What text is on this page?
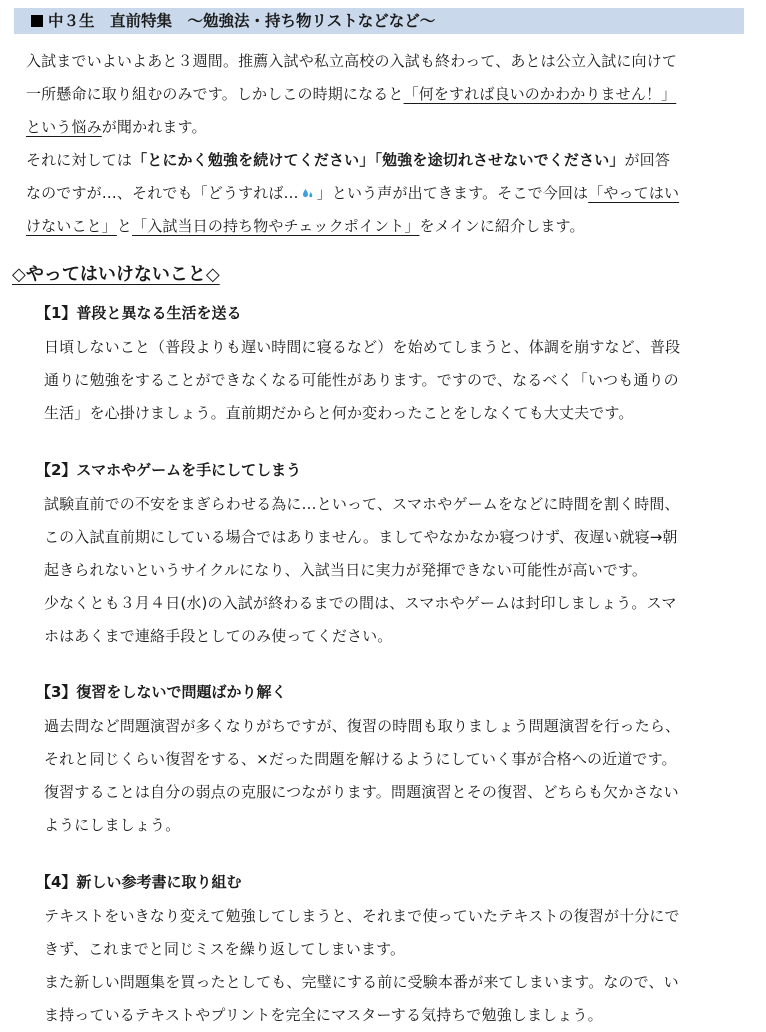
中３生　直前特集　～勉強法・持ち物リストなどなど～
入試までいよいよあと３週間。推薦入試や私立高校の入試も終わって、あとは公立入試に向けて
一所懸命に取り組むのみです。しかしこの時期になると「何をすれば良いのかわかりません！」
という悩みが聞かれます。
それに対しては「とにかく勉強を続けてください」「勉強を途切れさせないでください」が回答
なのですが…、それでも「どうすれば… 」という声が出てきます。そこで今回は「やってはい
けないこと」と「入試当日の持ち物やチェックポイント」をメインに紹介します。
◇やってはいけないこと◇
【1】普段と異なる生活を送る
日頃しないこと（普段よりも遅い時間に寝るなど）を始めてしまうと、体調を崩すなど、普段
通りに勉強をすることができなくなる可能性があります。ですので、なるべく「いつも通りの
生活」を心掛けましょう。直前期だからと何か変わったことをしなくても大丈夫です。
【2】スマホやゲームを手にしてしまう
試験直前での不安をまぎらわせる為に…といって、スマホやゲームをなどに時間を割く時間、
この入試直前期にしている場合ではありません。ましてやなかなか寝つけず、夜遅い就寝→朝
起きられないというサイクルになり、入試当日に実力が発揮できない可能性が高いです。
少なくとも３月４日(水)の入試が終わるまでの間は、スマホやゲームは封印しましょう。スマ
ホはあくまで連絡手段としてのみ使ってください。
【3】復習をしないで問題ばかり解く
過去問など問題演習が多くなりがちですが、復習の時間も取りましょう問題演習を行ったら、
それと同じくらい復習をする、×だった問題を解けるようにしていく事が合格への近道です。
復習することは自分の弱点の克服につながります。問題演習とその復習、どちらも欠かさない
ようにしましょう。
【4】新しい参考書に取り組む
テキストをいきなり変えて勉強してしまうと、それまで使っていたテキストの復習が十分にで
きず、これまでと同じミスを繰り返してしまいます。
また新しい問題集を買ったとしても、完璧にする前に受験本番が来てしまいます。なので、い
ま持っているテキストやプリントを完全にマスターする気持ちで勉強しましょう。
